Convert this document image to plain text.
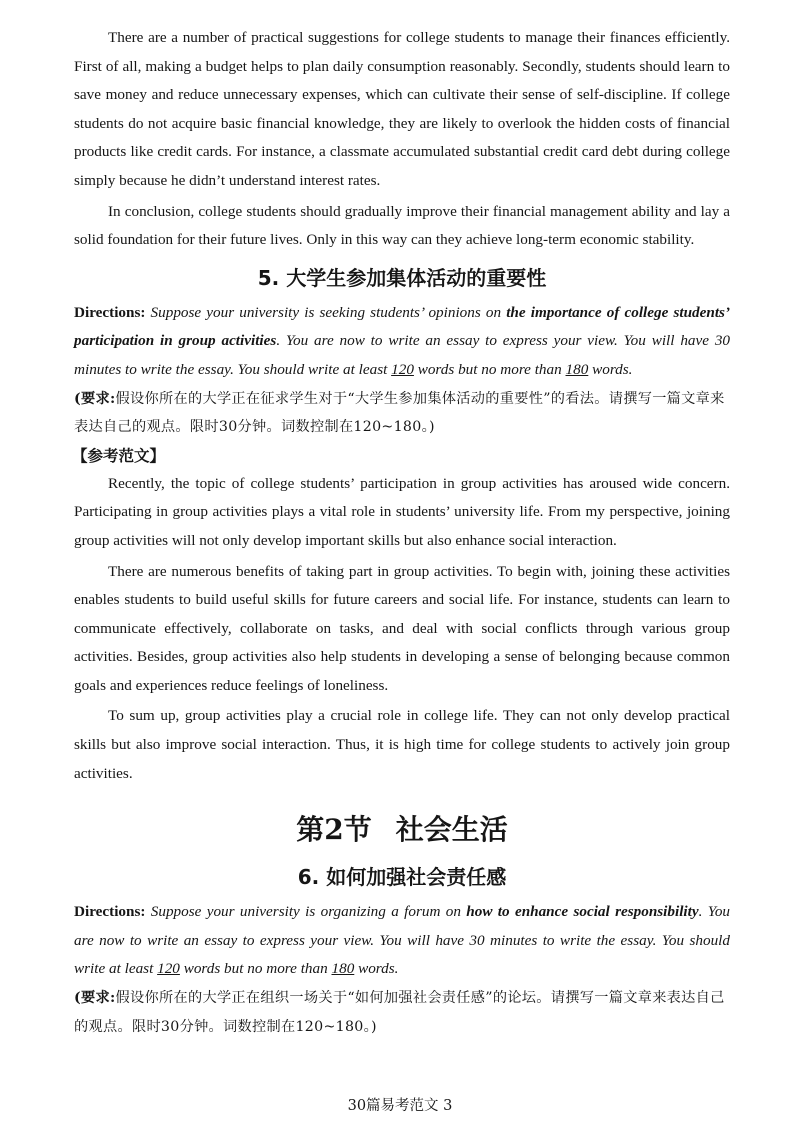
There are a number of practical suggestions for college students to manage their finances efficiently. First of all, making a budget helps to plan daily consumption reasonably. Secondly, students should learn to save money and reduce unnecessary expenses, which can cultivate their sense of self-discipline. If college students do not acquire basic financial knowledge, they are likely to overlook the hidden costs of financial products like credit cards. For instance, a classmate accumulated substantial credit card debt during college simply because he didn’t understand interest rates.

In conclusion, college students should gradually improve their financial management ability and lay a solid foundation for their future lives. Only in this way can they achieve long-term economic stability.

5. 大学生参加集体活动的重要性

Directions: Suppose your university is seeking students’ opinions on the importance of college students’ participation in group activities. You are now to write an essay to express your view. You will have 30 minutes to write the essay. You should write at least 120 words but no more than 180 words.

(要求:假设你所在的大学正在征求学生对于“大学生参加集体活动的重要性”的看法。请撰写一篇文章来表达自己的观点。限时30分钟。词数控制在120~180。)

【参考范文】

Recently, the topic of college students’ participation in group activities has aroused wide concern. Participating in group activities plays a vital role in students’ university life. From my perspective, joining group activities will not only develop important skills but also enhance social interaction.

There are numerous benefits of taking part in group activities. To begin with, joining these activities enables students to build useful skills for future careers and social life. For instance, students can learn to communicate effectively, collaborate on tasks, and deal with social conflicts through various group activities. Besides, group activities also help students in developing a sense of belonging because common goals and experiences reduce feelings of loneliness.

To sum up, group activities play a crucial role in college life. They can not only develop practical skills but also improve social interaction. Thus, it is high time for college students to actively join group activities.

第2节 社会生活
6. 如何加强社会责任感

Directions: Suppose your university is organizing a forum on how to enhance social responsibility. You are now to write an essay to express your view. You will have 30 minutes to write the essay. You should write at least 120 words but no more than 180 words.

(要求:假设你所在的大学正在组织一场关于“如何加强社会责任感”的论坛。请撰写一篇文章来表达自己的观点。限时30分钟。词数控制在120~180。)

30篇易考范文 3
